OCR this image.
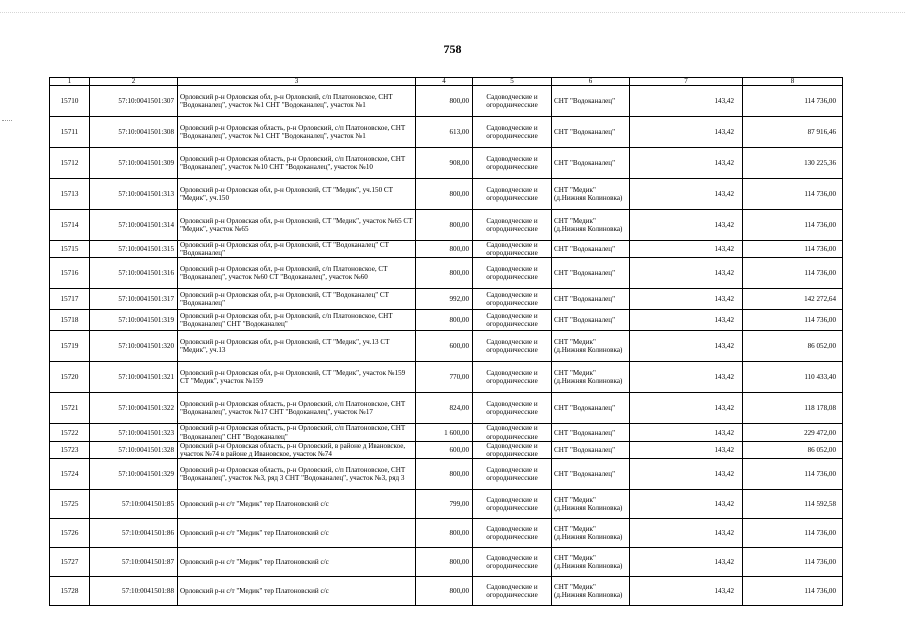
758
1	2	3	4	5	6	7	8
15710	57:10:0041501:307	Орловский р-н Орловская обл, р-н Орловский, с/п Платоновское, СНТ "Водоканалец", участок №1 СНТ "Водоканалец", участок №1	800,00	Садоводческие и огородничесские	СНТ "Водоканалец"	143,42	114 736,00
15711	57:10:0041501:308	Орловский р-н Орловская область, р-н Орловский, с/п Платоновское, СНТ "Водоканалец", участок №1 СНТ "Водоканалец", участок №1	613,00	Садоводческие и огородничесские	СНТ "Водоканалец"	143,42	87 916,46
15712	57:10:0041501:309	Орловский р-н Орловская область, р-н Орловский, с/п Платоновское, СНТ "Водоканалец", участок №10 СНТ "Водоканалец", участок №10	908,00	Садоводческие и огородничесские	СНТ "Водоканалец"	143,42	130 225,36
15713	57:10:0041501:313	Орловский р-н Орловская обл, р-н Орловский, СТ "Медик", уч.150 СТ "Медик", уч.150	800,00	Садоводческие и огородничесские	СНТ "Медик" (д.Нижняя Колиновка)	143,42	114 736,00
15714	57:10:0041501:314	Орловский р-н Орловская обл, р-н Орловский, СТ "Медик", участок №65 СТ "Медик", участок №65	800,00	Садоводческие и огородничесские	СНТ "Медик" (д.Нижняя Колиновка)	143,42	114 736,00
15715	57:10:0041501:315	Орловский р-н Орловская обл, р-н Орловский, СТ "Водоканалец" СТ "Водоканалец"	800,00	Садоводческие и огородничесские	СНТ "Водоканалец"	143,42	114 736,00
15716	57:10:0041501:316	Орловский р-н Орловская обл, р-н Орловский, с/п Платоновское, СТ "Водоканалец", участок №60 СТ "Водоканалец", участок №60	800,00	Садоводческие и огородничесские	СНТ "Водоканалец"	143,42	114 736,00
15717	57:10:0041501:317	Орловский р-н Орловская обл, р-н Орловский, СТ "Водоканалец" СТ "Водоканалец"	992,00	Садоводческие и огородничесские	СНТ "Водоканалец"	143,42	142 272,64
15718	57:10:0041501:319	Орловский р-н Орловская обл, р-н Орловский, с/п Платоновское, СНТ "Водоканалец" СНТ "Водоканалец"	800,00	Садоводческие и огородничесские	СНТ "Водоканалец"	143,42	114 736,00
15719	57:10:0041501:320	Орловский р-н Орловская обл, р-н Орловский, СТ "Медик", уч.13 СТ "Медик", уч.13	600,00	Садоводческие и огородничесские	СНТ "Медик" (д.Нижняя Колиновка)	143,42	86 052,00
15720	57:10:0041501:321	Орловский р-н Орловская обл, р-н Орловский, СТ "Медик", участок №159 СТ "Медик", участок №159	770,00	Садоводческие и огородничесские	СНТ "Медик" (д.Нижняя Колиновка)	143,42	110 433,40
15721	57:10:0041501:322	Орловский р-н Орловская область, р-н Орловский, с/п Платоновское, СНТ "Водоканалец", участок №17 СНТ "Водоканалец", участок №17	824,00	Садоводческие и огородничесские	СНТ "Водоканалец"	143,42	118 178,08
15722	57:10:0041501:323	Орловский р-н Орловская область, р-н Орловский, с/п Платоновское, СНТ "Водоканалец" СНТ "Водоканалец"	1 600,00	Садоводческие и огородничесские	СНТ "Водоканалец"	143,42	229 472,00
15723	57:10:0041501:328	Орловский р-н Орловская область, р-н Орловский, в районе д Ивановское, участок №74 в районе д Ивановское, участок №74	600,00	Садоводческие и огородничесские	СНТ "Водоканалец"	143,42	86 052,00
15724	57:10:0041501:329	Орловский р-н Орловская область, р-н Орловский, с/п Платоновское, СНТ "Водоканалец", участок №3, ряд 3 СНТ "Водоканалец", участок №3, ряд 3	800,00	Садоводческие и огородничесские	СНТ "Водоканалец"	143,42	114 736,00
15725	57:10:0041501:85	Орловский р-н с/т "Медик" тер Платоновский с/с	799,00	Садоводческие и огородничесские	СНТ "Медик" (д.Нижняя Колиновка)	143,42	114 592,58
15726	57:10:0041501:86	Орловский р-н с/т "Медик" тер Платоновский с/с	800,00	Садоводческие и огородничесские	СНТ "Медик" (д.Нижняя Колиновка)	143,42	114 736,00
15727	57:10:0041501:87	Орловский р-н с/т "Медик" тер Платоновский с/с	800,00	Садоводческие и огородничесские	СНТ "Медик" (д.Нижняя Колиновка)	143,42	114 736,00
15728	57:10:0041501:88	Орловский р-н с/т "Медик" тер Платоновский с/с	800,00	Садоводческие и огородничесские	СНТ "Медик" (д.Нижняя Колиновка)	143,42	114 736,00
